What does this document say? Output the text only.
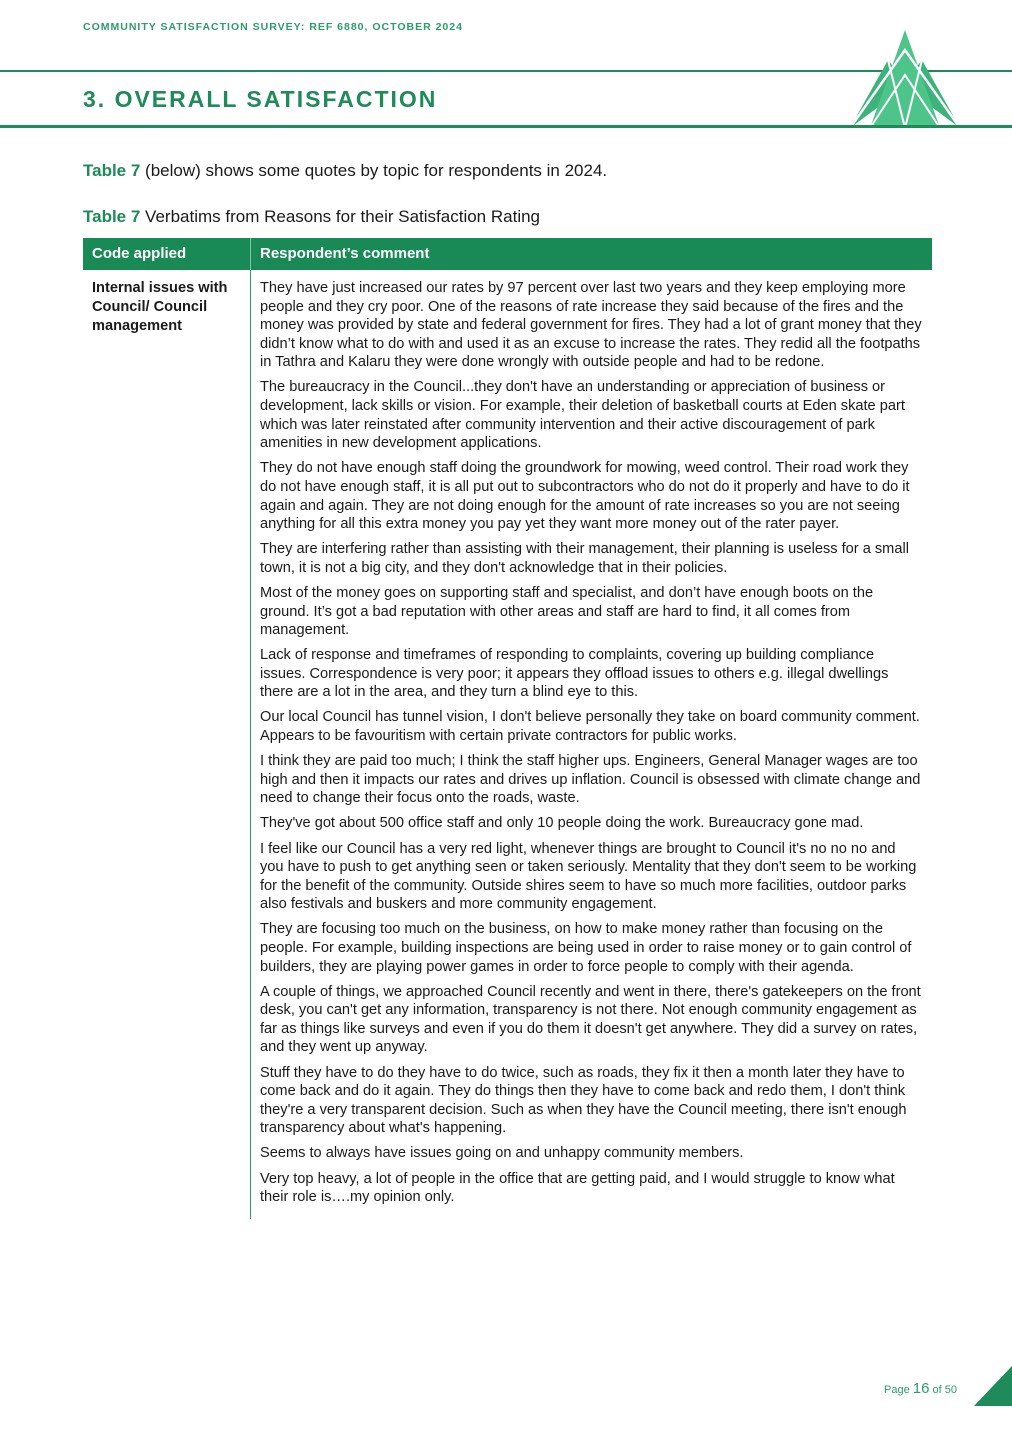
COMMUNITY SATISFACTION SURVEY: REF 6880, OCTOBER 2024
3. OVERALL SATISFACTION
Table 7 (below) shows some quotes by topic for respondents in 2024.
Table 7 Verbatims from Reasons for their Satisfaction Rating
Code applied	Respondent’s comment
Internal issues with Council/ Council management

They have just increased our rates by 97 percent over last two years and they keep employing more people and they cry poor. One of the reasons of rate increase they said because of the fires and the money was provided by state and federal government for fires. They had a lot of grant money that they didn’t know what to do with and used it as an excuse to increase the rates. They redid all the footpaths in Tathra and Kalaru they were done wrongly with outside people and had to be redone.

The bureaucracy in the Council...they don't have an understanding or appreciation of business or development, lack skills or vision. For example, their deletion of basketball courts at Eden skate part which was later reinstated after community intervention and their active discouragement of park amenities in new development applications.

They do not have enough staff doing the groundwork for mowing, weed control. Their road work they do not have enough staff, it is all put out to subcontractors who do not do it properly and have to do it again and again. They are not doing enough for the amount of rate increases so you are not seeing anything for all this extra money you pay yet they want more money out of the rater payer.

They are interfering rather than assisting with their management, their planning is useless for a small town, it is not a big city, and they don't acknowledge that in their policies.

Most of the money goes on supporting staff and specialist, and don’t have enough boots on the ground. It’s got a bad reputation with other areas and staff are hard to find, it all comes from management.

Lack of response and timeframes of responding to complaints, covering up building compliance issues. Correspondence is very poor; it appears they offload issues to others e.g. illegal dwellings there are a lot in the area, and they turn a blind eye to this.

Our local Council has tunnel vision, I don't believe personally they take on board community comment. Appears to be favouritism with certain private contractors for public works.

I think they are paid too much; I think the staff higher ups. Engineers, General Manager wages are too high and then it impacts our rates and drives up inflation. Council is obsessed with climate change and need to change their focus onto the roads, waste.

They've got about 500 office staff and only 10 people doing the work. Bureaucracy gone mad.

I feel like our Council has a very red light, whenever things are brought to Council it's no no no and you have to push to get anything seen or taken seriously. Mentality that they don't seem to be working for the benefit of the community. Outside shires seem to have so much more facilities, outdoor parks also festivals and buskers and more community engagement.

They are focusing too much on the business, on how to make money rather than focusing on the people. For example, building inspections are being used in order to raise money or to gain control of builders, they are playing power games in order to force people to comply with their agenda.

A couple of things, we approached Council recently and went in there, there's gatekeepers on the front desk, you can't get any information, transparency is not there. Not enough community engagement as far as things like surveys and even if you do them it doesn't get anywhere. They did a survey on rates, and they went up anyway.

Stuff they have to do they have to do twice, such as roads, they fix it then a month later they have to come back and do it again. They do things then they have to come back and redo them, I don't think they're a very transparent decision. Such as when they have the Council meeting, there isn't enough transparency about what's happening.

Seems to always have issues going on and unhappy community members.

Very top heavy, a lot of people in the office that are getting paid, and I would struggle to know what their role is….my opinion only.

Page 16 of 50
